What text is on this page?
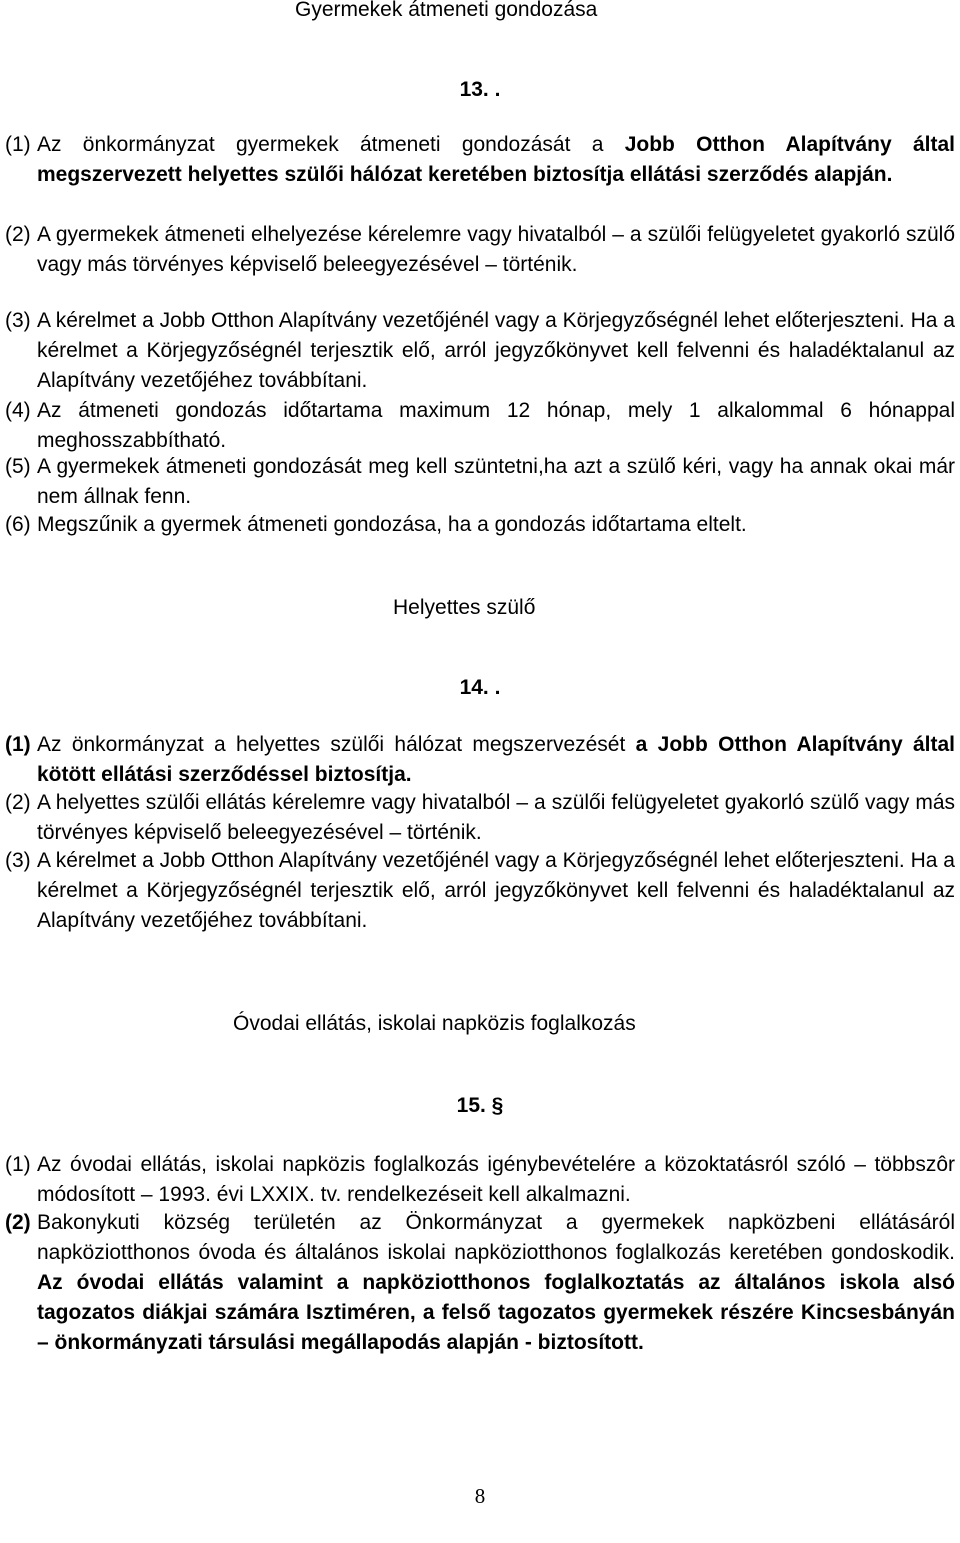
Gyermekek átmeneti gondozása
13. .
(1) Az önkormányzat gyermekek átmeneti gondozását a Jobb Otthon Alapítvány által megszervezett helyettes szülői hálózat keretében biztosítja ellátási szerződés alapján.
(2) A gyermekek átmeneti elhelyezése kérelemre vagy hivatalból – a szülői felügyeletet gyakorló szülő vagy más törvényes képviselő beleegyezésével – történik.
(3) A kérelmet a Jobb Otthon Alapítvány vezetőjénél vagy a Körjegyzőségnél lehet előterjeszteni. Ha a kérelmet a Körjegyzőségnél terjesztik elő, arról jegyzőkönyvet kell felvenni és haladéktalanul az Alapítvány vezetőjéhez továbbítani.
(4) Az átmeneti gondozás időtartama maximum 12 hónap, mely 1 alkalommal 6 hónappal meghosszabbítható.
(5) A gyermekek átmeneti gondozását meg kell szüntetni,ha azt a szülő kéri, vagy ha annak okai már nem állnak fenn.
(6) Megszűnik a gyermek átmeneti gondozása, ha a gondozás időtartama eltelt.
Helyettes szülő
14. .
(1) Az önkormányzat a helyettes szülői hálózat megszervezését a Jobb Otthon Alapítvány által kötött ellátási szerződéssel biztosítja.
(2) A helyettes szülői ellátás kérelemre vagy hivatalból – a szülői felügyeletet gyakorló szülő vagy más törvényes képviselő beleegyezésével – történik.
(3) A kérelmet a Jobb Otthon Alapítvány vezetőjénél vagy a Körjegyzőségnél lehet előterjeszteni. Ha a kérelmet a Körjegyzőségnél terjesztik elő, arról jegyzőkönyvet kell felvenni és haladéktalanul az Alapítvány vezetőjéhez továbbítani.
Óvodai ellátás, iskolai napközis foglalkozás
15. §
(1) Az óvodai ellátás, iskolai napközis foglalkozás igénybevételére a közoktatásról szóló – többszôr módosított – 1993. évi LXXIX. tv. rendelkezéseit kell alkalmazni.
(2) Bakonykuti község területén az Önkormányzat a gyermekek napközbeni ellátásáról napköziotthonos óvoda és általános iskolai napköziotthonos foglalkozás keretében gondoskodik. Az óvodai ellátás valamint a napköziotthonos foglalkoztatás az általános iskola alsó tagozatos diákjai számára Isztiméren, a felső tagozatos gyermekek részére Kincsesbányán – önkormányzati társulási megállapodás alapján - biztosított.
8
